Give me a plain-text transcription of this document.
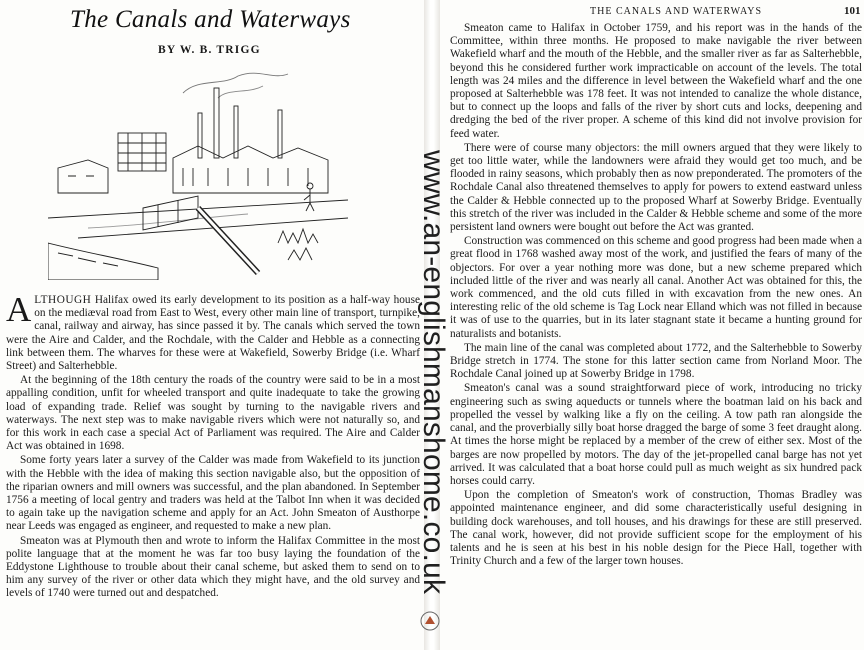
The Canals and Waterways
BY W. B. TRIGG

ALTHOUGH Halifax owed its early development to its position as a half-way house on the mediæval road from East to West, every other main line of transport, turnpike, canal, railway and airway, has since passed it by. The canals which served the town were the Aire and Calder, and the Rochdale, with the Calder and Hebble as a connecting link between them. The wharves for these were at Wakefield, Sowerby Bridge (i.e. Wharf Street) and Salterhebble.

At the beginning of the 18th century the roads of the country were said to be in a most appalling condition, unfit for wheeled transport and quite inadequate to take the growing load of expanding trade. Relief was sought by turning to the navigable rivers and waterways. The next step was to make navigable rivers which were not naturally so, and for this work in each case a special Act of Parliament was required. The Aire and Calder Act was obtained in 1698.

Some forty years later a survey of the Calder was made from Wakefield to its junction with the Hebble with the idea of making this section navigable also, but the opposition of the riparian owners and mill owners was successful, and the plan abandoned. In September 1756 a meeting of local gentry and traders was held at the Talbot Inn when it was decided to again take up the navigation scheme and apply for an Act. John Smeaton of Austhorpe near Leeds was engaged as engineer, and requested to make a new plan.

Smeaton was at Plymouth then and wrote to inform the Halifax Committee in the most polite language that at the moment he was far too busy laying the foundation of the Eddystone Lighthouse to trouble about their canal scheme, but asked them to send on to him any survey of the river or other data which they might have, and the old survey and levels of 1740 were turned out and despatched.

THE CANALS AND WATERWAYS	101

Smeaton came to Halifax in October 1759, and his report was in the hands of the Committee, within three months. He proposed to make navigable the river between Wakefield wharf and the mouth of the Hebble, and the smaller river as far as Salterhebble, beyond this he considered further work impracticable on account of the levels. The total length was 24 miles and the difference in level between the Wakefield wharf and the one proposed at Salterhebble was 178 feet. It was not intended to canalize the whole distance, but to connect up the loops and falls of the river by short cuts and locks, deepening and dredging the bed of the river proper. A scheme of this kind did not involve provision for feed water.

There were of course many objectors: the mill owners argued that they were likely to get too little water, while the landowners were afraid they would get too much, and be flooded in rainy seasons, which probably then as now preponderated. The promoters of the Rochdale Canal also threatened themselves to apply for powers to extend eastward unless the Calder & Hebble connected up to the proposed Wharf at Sowerby Bridge. Eventually this stretch of the river was included in the Calder & Hebble scheme and some of the more persistent land owners were bought out before the Act was granted.

Construction was commenced on this scheme and good progress had been made when a great flood in 1768 washed away most of the work, and justified the fears of many of the objectors. For over a year nothing more was done, but a new scheme prepared which included little of the river and was nearly all canal. Another Act was obtained for this, the work commenced, and the old cuts filled in with excavation from the new ones. An interesting relic of the old scheme is Tag Lock near Elland which was not filled in because it was of use to the quarries, but in its later stagnant state it became a hunting ground for naturalists and botanists.

The main line of the canal was completed about 1772, and the Salterhebble to Sowerby Bridge stretch in 1774. The stone for this latter section came from Norland Moor. The Rochdale Canal joined up at Sowerby Bridge in 1798.

Smeaton's canal was a sound straightforward piece of work, introducing no tricky engineering such as swing aqueducts or tunnels where the boatman laid on his back and propelled the vessel by walking like a fly on the ceiling. A tow path ran alongside the canal, and the proverbially silly boat horse dragged the barge of some 3 feet draught along. At times the horse might be replaced by a member of the crew of either sex. Most of the barges are now propelled by motors. The day of the jet-propelled canal barge has not yet arrived. It was calculated that a boat horse could pull as much weight as six hundred pack horses could carry.

Upon the completion of Smeaton's work of construction, Thomas Bradley was appointed maintenance engineer, and did some characteristically useful designing in building dock warehouses, and toll houses, and his drawings for these are still preserved. The canal work, however, did not provide sufficient scope for the employment of his talents and he is seen at his best in his noble design for the Piece Hall, together with Trinity Church and a few of the larger town houses.

www.an-englishmanshome.co.uk
